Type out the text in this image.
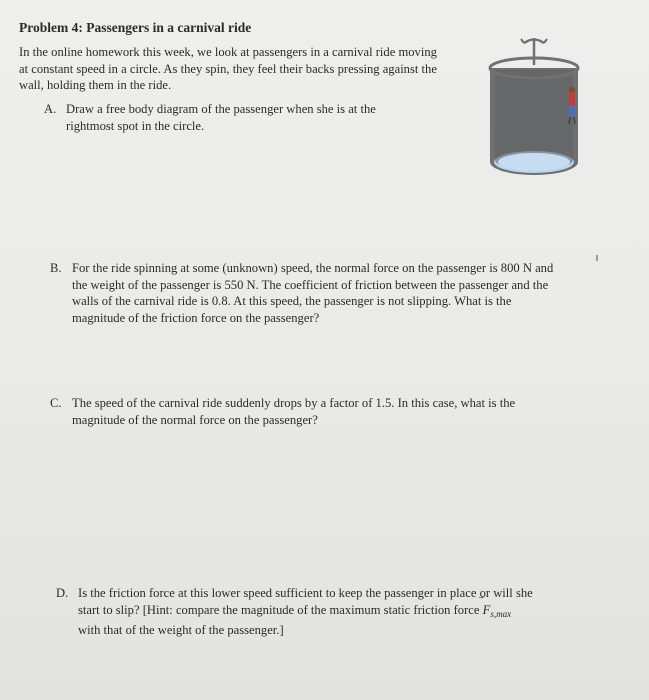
Problem 4: Passengers in a carnival ride
In the online homework this week, we look at passengers in a carnival ride moving at constant speed in a circle. As they spin, they feel their backs pressing against the wall, holding them in the ride.
A. Draw a free body diagram of the passenger when she is at the rightmost spot in the circle.
B. For the ride spinning at some (unknown) speed, the normal force on the passenger is 800 N and the weight of the passenger is 550 N. The coefficient of friction between the passenger and the walls of the carnival ride is 0.8. At this speed, the passenger is not slipping. What is the magnitude of the friction force on the passenger?
C. The speed of the carnival ride suddenly drops by a factor of 1.5. In this case, what is the magnitude of the normal force on the passenger?
D. Is the friction force at this lower speed sufficient to keep the passenger in place or will she start to slip? [Hint: compare the magnitude of the maximum static friction force
$F_{s,max}$ with that of the weight of the passenger.]
